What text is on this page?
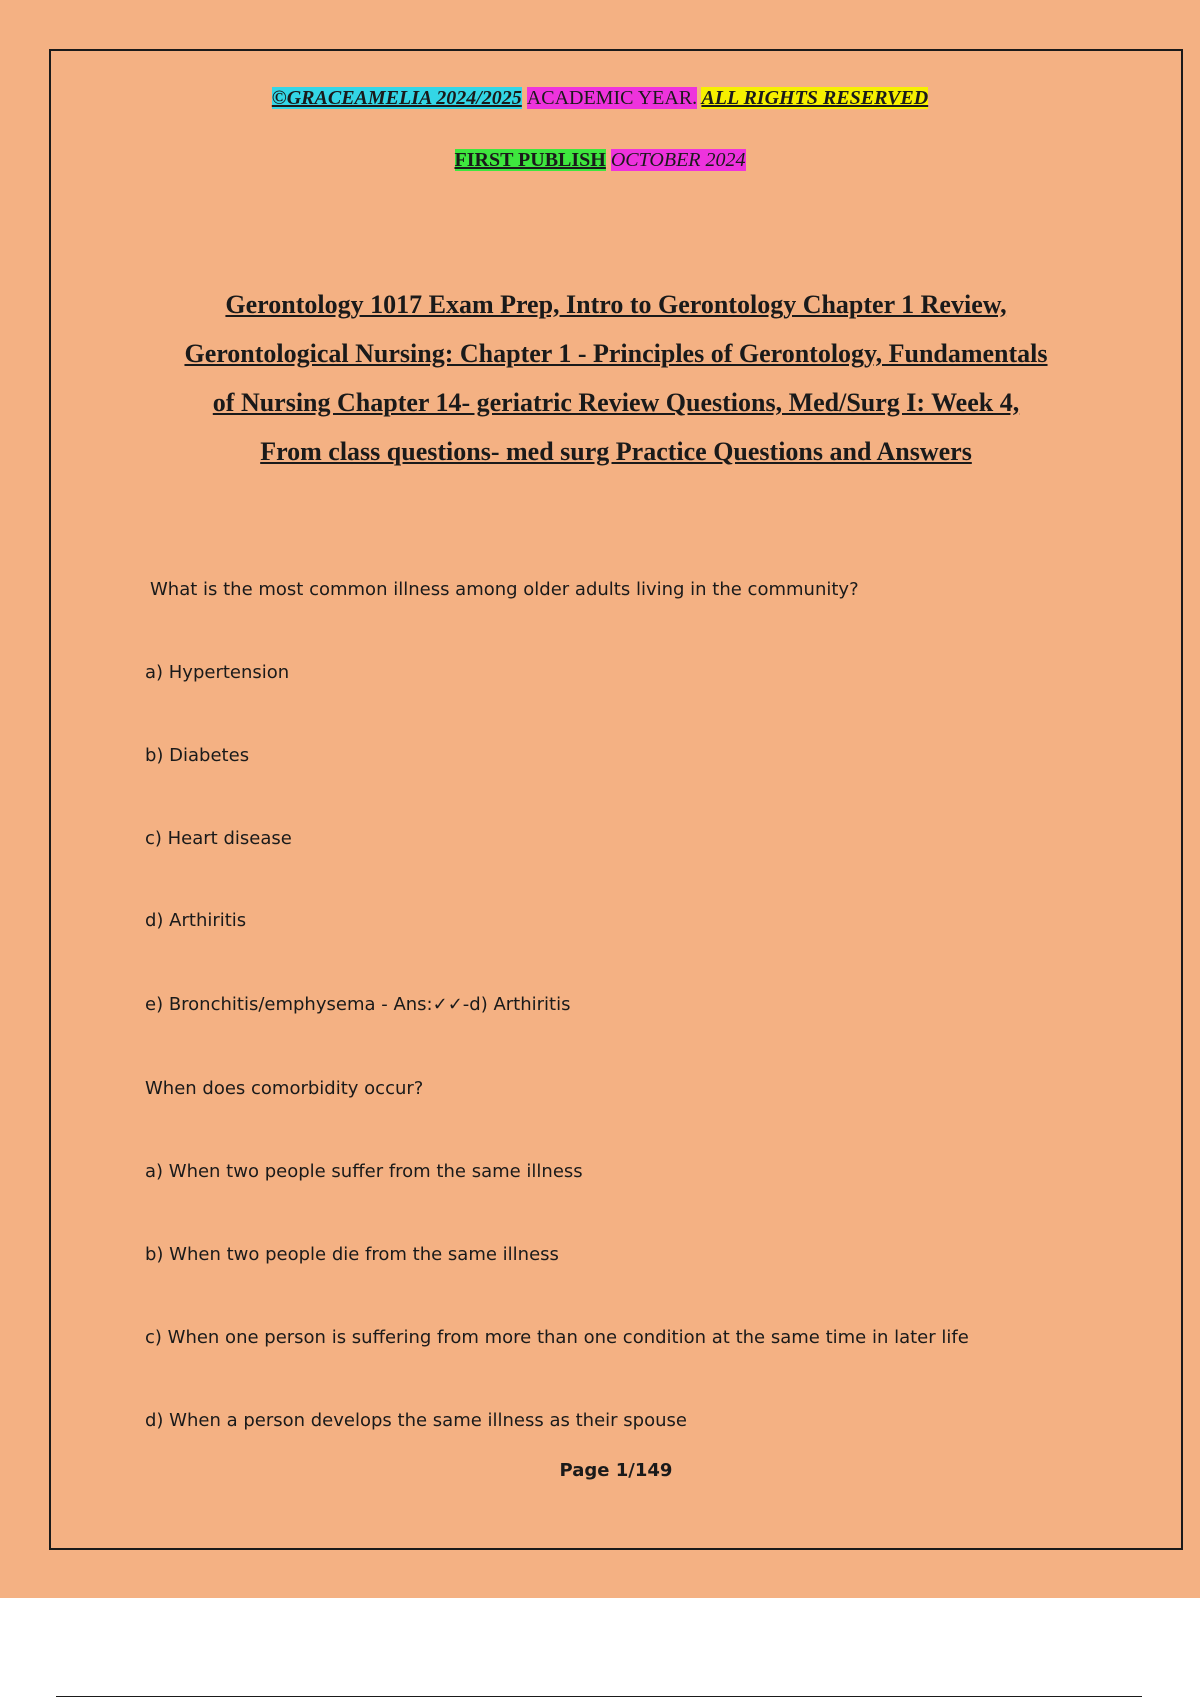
©GRACEAMELIA 2024/2025 ACADEMIC YEAR. ALL RIGHTS RESERVED
FIRST PUBLISH OCTOBER 2024
Gerontology 1017 Exam Prep, Intro to Gerontology Chapter 1 Review,
Gerontological Nursing: Chapter 1 - Principles of Gerontology, Fundamentals
of Nursing Chapter 14- geriatric Review Questions, Med/Surg I: Week 4,
From class questions- med surg Practice Questions and Answers
What is the most common illness among older adults living in the community?
a) Hypertension
b) Diabetes
c) Heart disease
d) Arthiritis
e) Bronchitis/emphysema - Ans:✓✓-d) Arthiritis
When does comorbidity occur?
a) When two people suffer from the same illness
b) When two people die from the same illness
c) When one person is suffering from more than one condition at the same time in later life
d) When a person develops the same illness as their spouse
Page 1/149
